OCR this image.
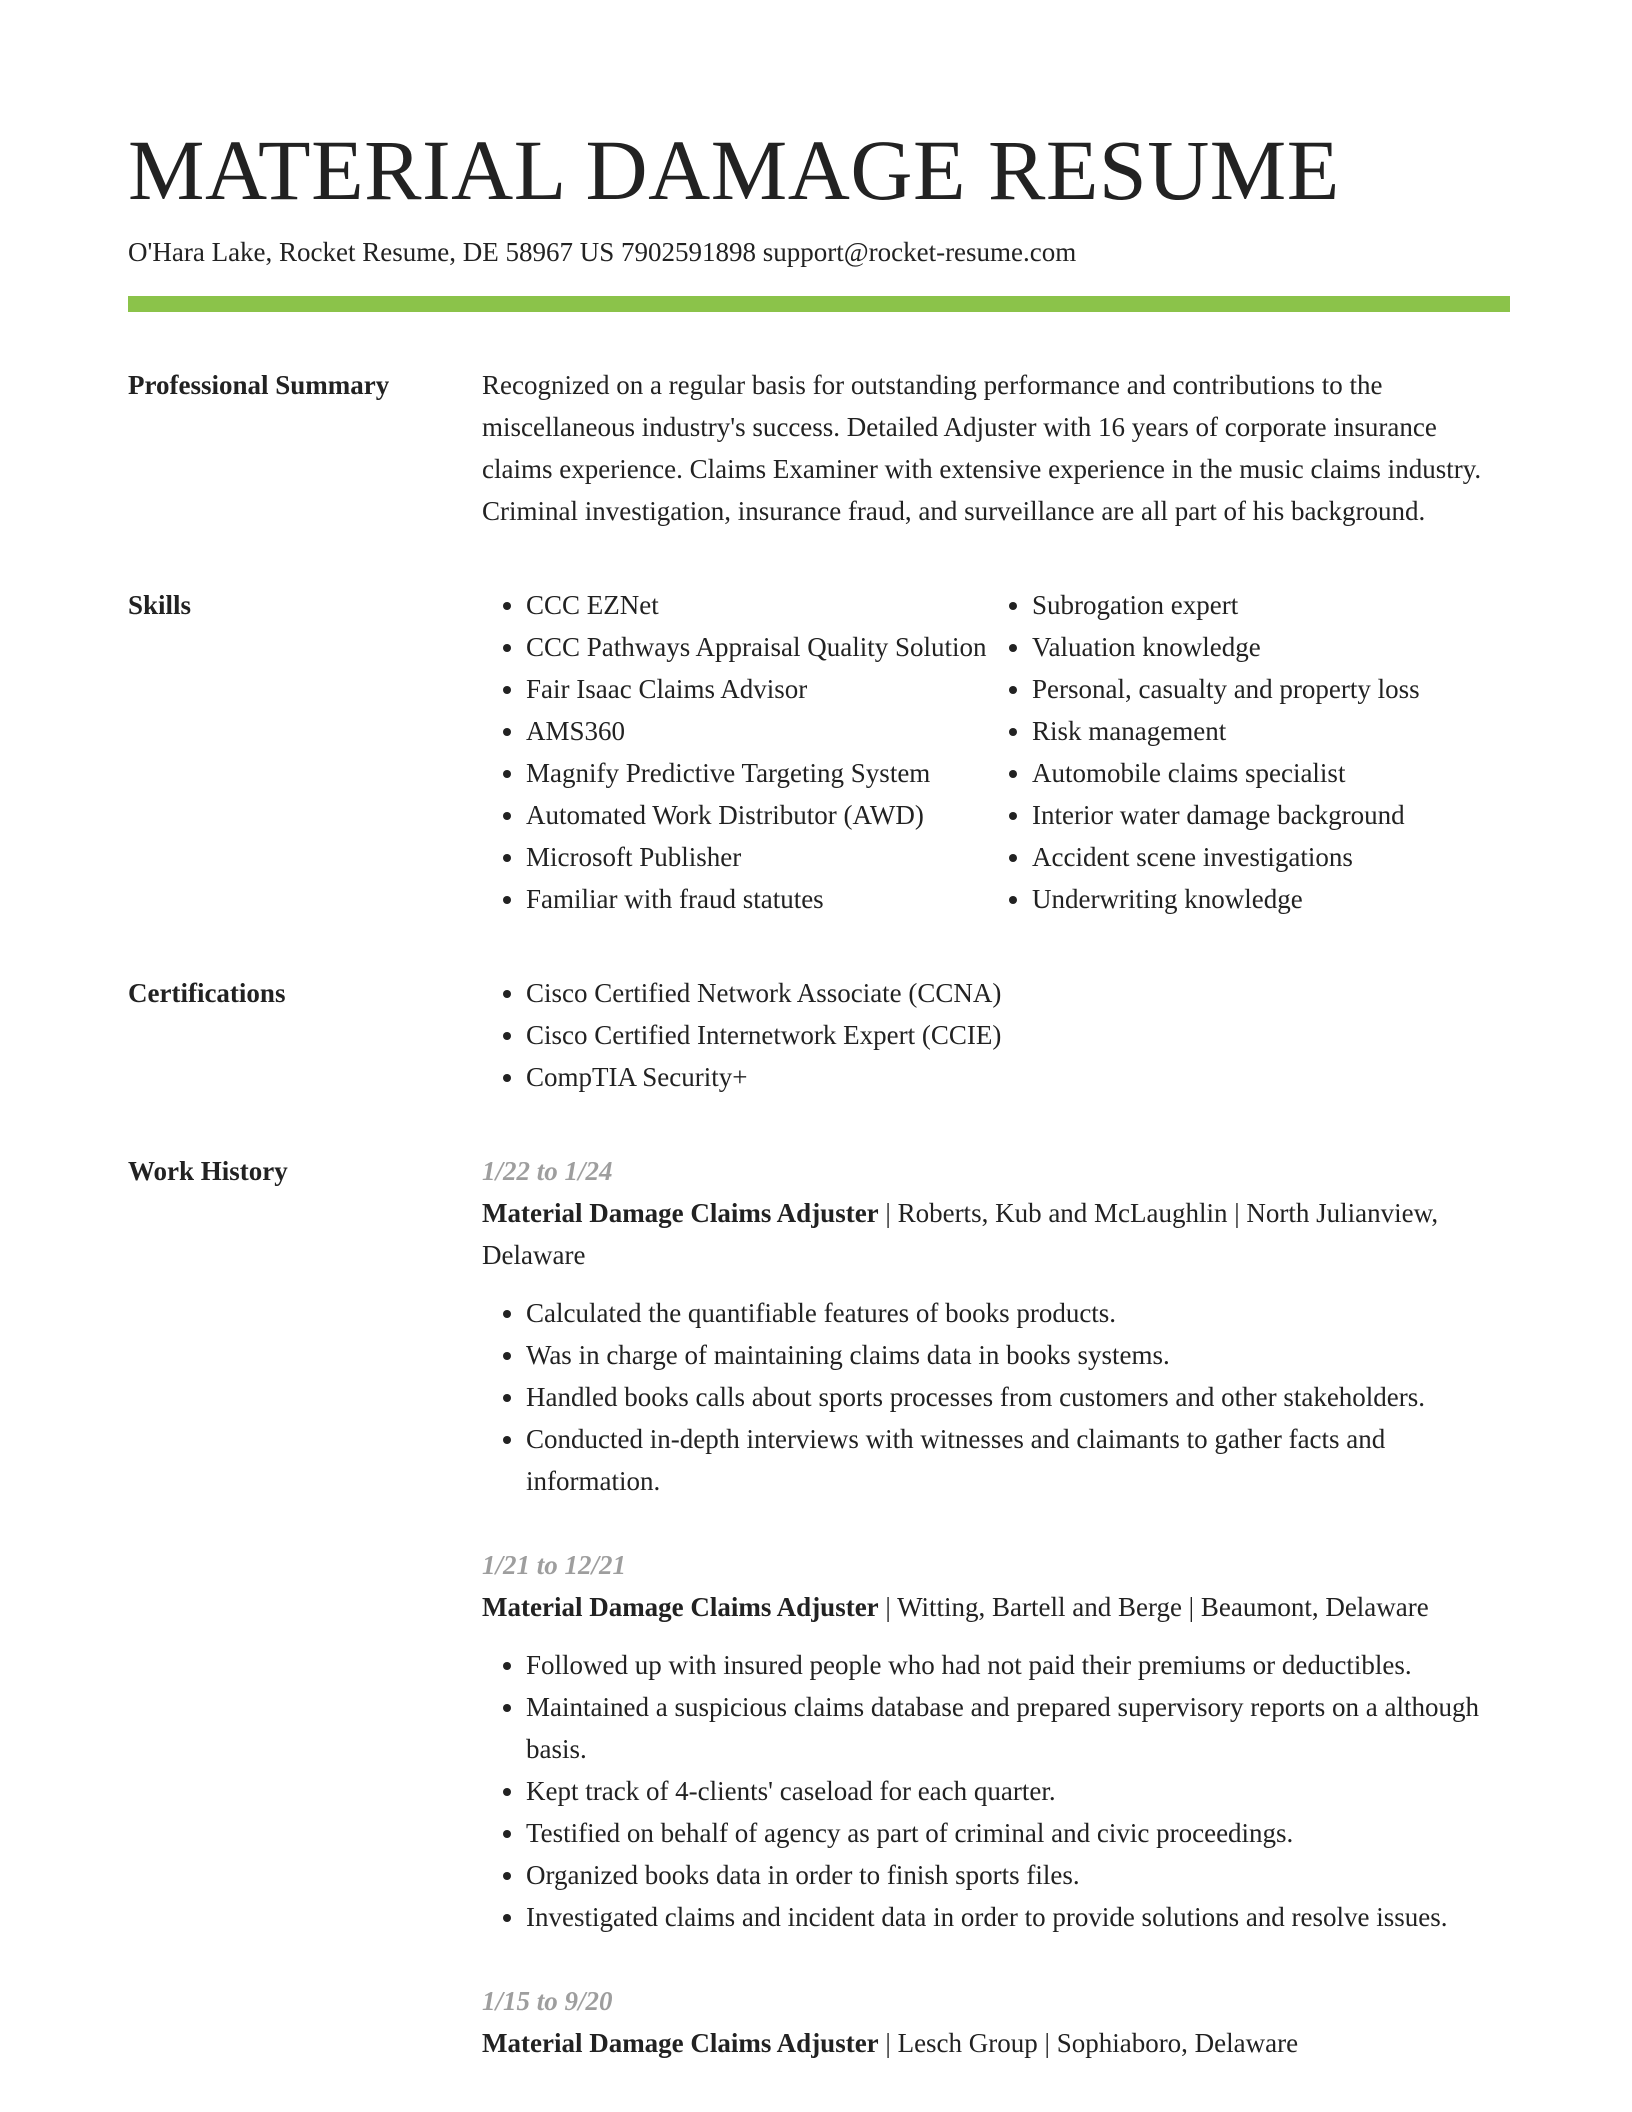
MATERIAL DAMAGE RESUME
O'Hara Lake, Rocket Resume, DE 58967 US 7902591898 support@rocket-resume.com
Professional Summary	Recognized on a regular basis for outstanding performance and contributions to the miscellaneous industry's success. Detailed Adjuster with 16 years of corporate insurance claims experience. Claims Examiner with extensive experience in the music claims industry. Criminal investigation, insurance fraud, and surveillance are all part of his background.

Skills	• CCC EZNet
• CCC Pathways Appraisal Quality Solution
• Fair Isaac Claims Advisor
• AMS360
• Magnify Predictive Targeting System
• Automated Work Distributor (AWD)
• Microsoft Publisher
• Familiar with fraud statutes
• Subrogation expert
• Valuation knowledge
• Personal, casualty and property loss
• Risk management
• Automobile claims specialist
• Interior water damage background
• Accident scene investigations
• Underwriting knowledge
Certifications	• Cisco Certified Network Associate (CCNA)
• Cisco Certified Internetwork Expert (CCIE)
• CompTIA Security+
Work History	1/22 to 1/24
Material Damage Claims Adjuster | Roberts, Kub and McLaughlin | North Julianview, Delaware
• Calculated the quantifiable features of books products.
• Was in charge of maintaining claims data in books systems.
• Handled books calls about sports processes from customers and other stakeholders.
• Conducted in-depth interviews with witnesses and claimants to gather facts and information.
1/21 to 12/21
Material Damage Claims Adjuster | Witting, Bartell and Berge | Beaumont, Delaware
• Followed up with insured people who had not paid their premiums or deductibles.
• Maintained a suspicious claims database and prepared supervisory reports on a although basis.
• Kept track of 4-clients' caseload for each quarter.
• Testified on behalf of agency as part of criminal and civic proceedings.
• Organized books data in order to finish sports files.
• Investigated claims and incident data in order to provide solutions and resolve issues.
1/15 to 9/20
Material Damage Claims Adjuster | Lesch Group | Sophiaboro, Delaware
